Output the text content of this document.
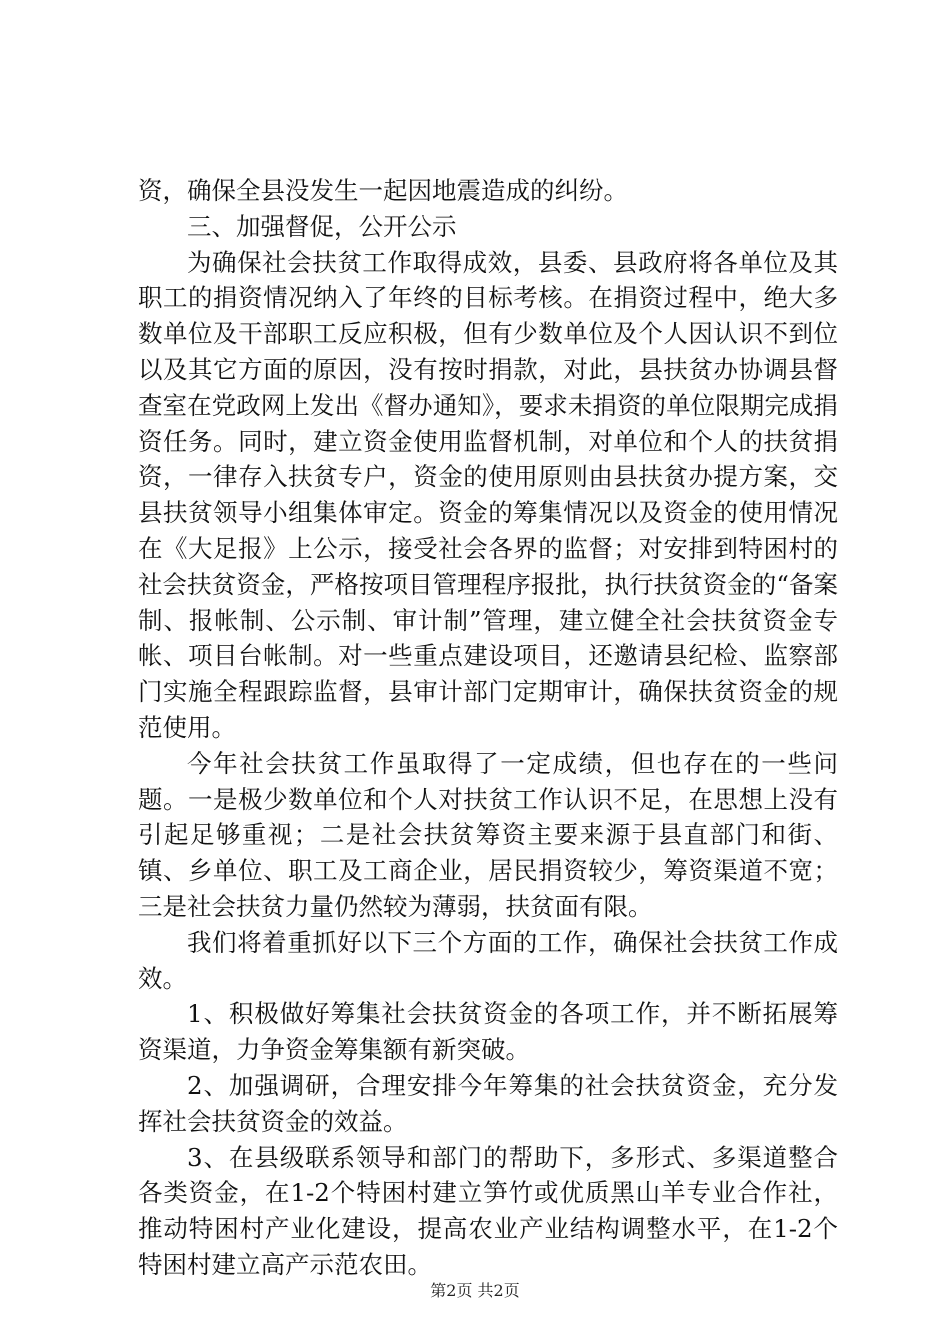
资，确保全县没发生一起因地震造成的纠纷。

三、加强督促，公开公示

为确保社会扶贫工作取得成效，县委、县政府将各单位及其职工的捐资情况纳入了年终的目标考核。在捐资过程中，绝大多数单位及干部职工反应积极，但有少数单位及个人因认识不到位以及其它方面的原因，没有按时捐款，对此，县扶贫办协调县督查室在党政网上发出《督办通知》，要求未捐资的单位限期完成捐资任务。同时，建立资金使用监督机制，对单位和个人的扶贫捐资，一律存入扶贫专户，资金的使用原则由县扶贫办提方案，交县扶贫领导小组集体审定。资金的筹集情况以及资金的使用情况在《大足报》上公示，接受社会各界的监督；对安排到特困村的社会扶贫资金，严格按项目管理程序报批，执行扶贫资金的“备案制、报帐制、公示制、审计制”管理，建立健全社会扶贫资金专帐、项目台帐制。对一些重点建设项目，还邀请县纪检、监察部门实施全程跟踪监督，县审计部门定期审计，确保扶贫资金的规范使用。

今年社会扶贫工作虽取得了一定成绩，但也存在的一些问题。一是极少数单位和个人对扶贫工作认识不足，在思想上没有引起足够重视；二是社会扶贫筹资主要来源于县直部门和街、镇、乡单位、职工及工商企业，居民捐资较少，筹资渠道不宽；三是社会扶贫力量仍然较为薄弱，扶贫面有限。

我们将着重抓好以下三个方面的工作，确保社会扶贫工作成效。

1、积极做好筹集社会扶贫资金的各项工作，并不断拓展筹资渠道，力争资金筹集额有新突破。

2、加强调研，合理安排今年筹集的社会扶贫资金，充分发挥社会扶贫资金的效益。

3、在县级联系领导和部门的帮助下，多形式、多渠道整合各类资金，在1-2个特困村建立笋竹或优质黑山羊专业合作社，推动特困村产业化建设，提高农业产业结构调整水平，在1-2个特困村建立高产示范农田。

第2页 共2页
